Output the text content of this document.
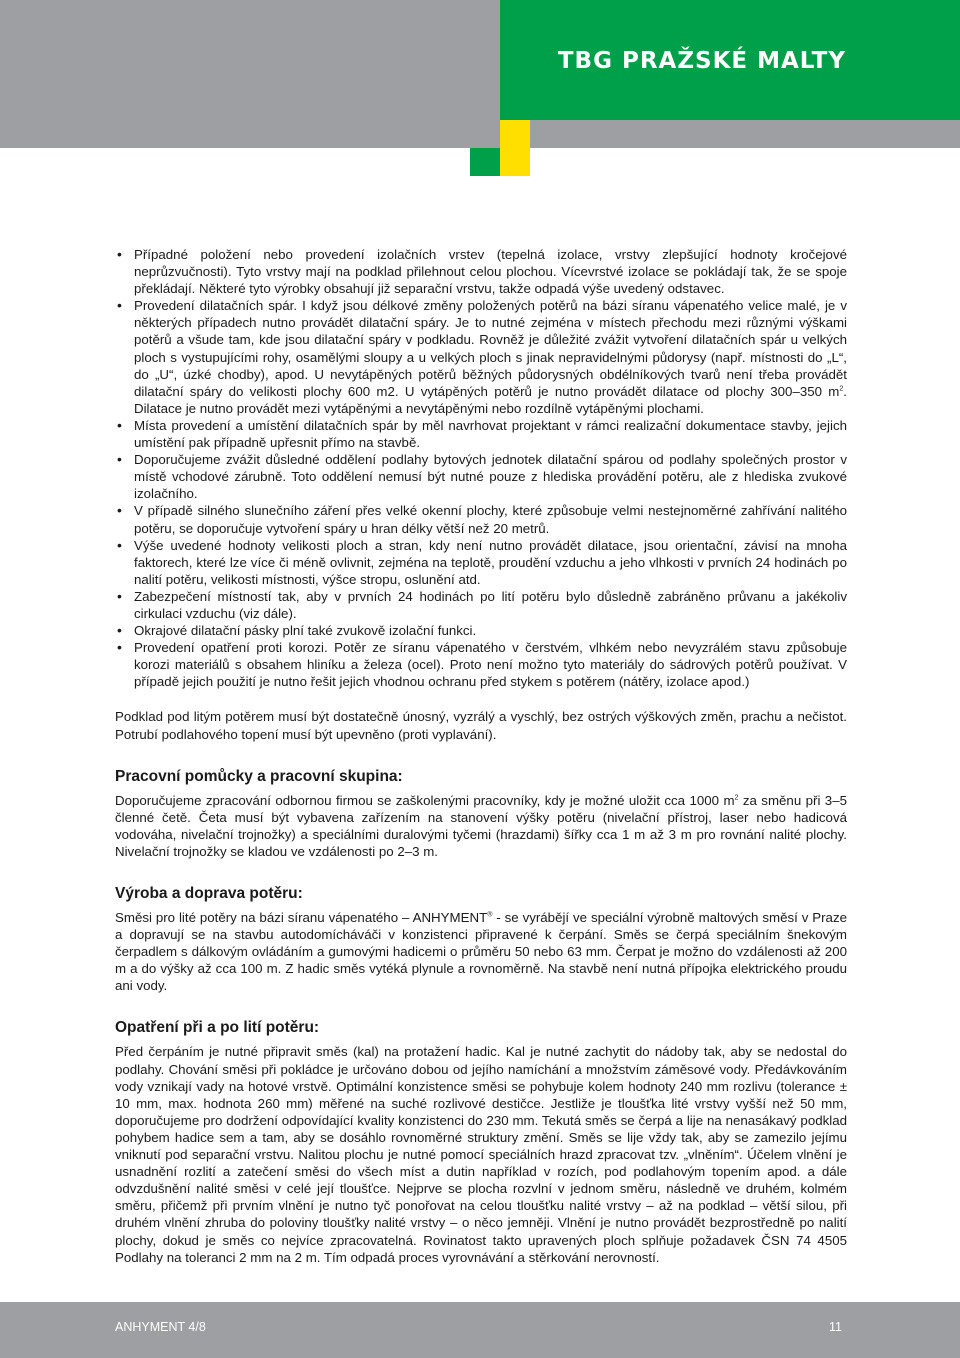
TBG PRAŽSKÉ MALTY
• Případné položení nebo provedení izolačních vrstev (tepelná izolace, vrstvy zlepšující hodnoty kročejové neprůzvučnosti). Tyto vrstvy mají na podklad přilehnout celou plochou. Vícevrstvé izolace se pokládají tak, že se spoje překládají. Některé tyto výrobky obsahují již separační vrstvu, takže odpadá výše uvedený odstavec.
• Provedení dilatačních spár. I když jsou délkové změny položených potěrů na bázi síranu vápenatého velice malé, je v některých případech nutno provádět dilatační spáry. Je to nutné zejména v místech přechodu mezi různými výškami potěrů a všude tam, kde jsou dilatační spáry v podkladu. Rovněž je důležité zvážit vytvoření dilatačních spár u velkých ploch s vystupujícími rohy, osamělými sloupy a u velkých ploch s jinak nepravidelnými půdorysy (např. místnosti do „L“, do „U“, úzké chodby), apod. U nevytápěných potěrů běžných půdorysných obdélníkových tvarů není třeba provádět dilatační spáry do velikosti plochy 600 m2. U vytápěných potěrů je nutno provádět dilatace od plochy 300–350 $m^2$. Dilatace je nutno provádět mezi vytápěnými a nevytápěnými nebo rozdílně vytápěnými plochami.
• Místa provedení a umístění dilatačních spár by měl navrhovat projektant v rámci realizační dokumentace stavby, jejich umístění pak případně upřesnit přímo na stavbě.
• Doporučujeme zvážit důsledné oddělení podlahy bytových jednotek dilatační spárou od podlahy společných prostor v místě vchodové zárubně. Toto oddělení nemusí být nutné pouze z hlediska provádění potěru, ale z hlediska zvukové izolačního.
• V případě silného slunečního záření přes velké okenní plochy, které způsobuje velmi nestejnoměrné zahřívání nalitého potěru, se doporučuje vytvoření spáry u hran délky větší než 20 metrů.
• Výše uvedené hodnoty velikosti ploch a stran, kdy není nutno provádět dilatace, jsou orientační, závisí na mnoha faktorech, které lze více či méně ovlivnit, zejména na teplotě, proudění vzduchu a jeho vlhkosti v prvních 24 hodinách po nalití potěru, velikosti místnosti, výšce stropu, oslunění atd.
• Zabezpečení místností tak, aby v prvních 24 hodinách po lití potěru bylo důsledně zabráněno průvanu a jakékoliv cirkulaci vzduchu (viz dále).
• Okrajové dilatační pásky plní také zvukově izolační funkci.
• Provedení opatření proti korozi. Potěr ze síranu vápenatého v čerstvém, vlhkém nebo nevyzrálém stavu způsobuje korozi materiálů s obsahem hliníku a železa (ocel). Proto není možno tyto materiály do sádrových potěrů používat. V případě jejich použití je nutno řešit jejich vhodnou ochranu před stykem s potěrem (nátěry, izolace apod.)

Podklad pod litým potěrem musí být dostatečně únosný, vyzrálý a vyschlý, bez ostrých výškových změn, prachu a nečistot. Potrubí podlahového topení musí být upevněno (proti vyplavání).

Pracovní pomůcky a pracovní skupina:

Doporučujeme zpracování odbornou firmou se zaškolenými pracovníky, kdy je možné uložit cca 1000 $m^2$ za směnu při 3–5 členné četě. Četa musí být vybavena zařízením na stanovení výšky potěru (nivelační přístroj, laser nebo hadicová vodováha, nivelační trojnožky) a speciálními duralovými tyčemi (hrazdami) šířky cca 1 m až 3 m pro rovnání nalité plochy. Nivelační trojnožky se kladou ve vzdálenosti po 2–3 m.

Výroba a doprava potěru:

Směsi pro lité potěry na bázi síranu vápenatého – ANHYMENT® - se vyrábějí ve speciální výrobně maltových směsí v Praze a dopravují se na stavbu autodomícháváči v konzistenci připravené k čerpání. Směs se čerpá speciálním šnekovým čerpadlem s dálkovým ovládáním a gumovými hadicemi o průměru 50 nebo 63 mm. Čerpat je možno do vzdálenosti až 200 m a do výšky až cca 100 m. Z hadic směs vytéká plynule a rovnoměrně. Na stavbě není nutná přípojka elektrického proudu ani vody.

Opatření při a po lití potěru:

Před čerpáním je nutné připravit směs (kal) na protažení hadic. Kal je nutné zachytit do nádoby tak, aby se nedostal do podlahy. Chování směsi při pokládce je určováno dobou od jejího namíchání a množstvím záměsové vody. Předávkováním vody vznikají vady na hotové vrstvě. Optimální konzistence směsi se pohybuje kolem hodnoty 240 mm rozlivu (tolerance ± 10 mm, max. hodnota 260 mm) měřené na suché rozlivové destičce. Jestliže je tloušťka lité vrstvy vyšší než 50 mm, doporučujeme pro dodržení odpovídající kvality konzistenci do 230 mm. Tekutá směs se čerpá a lije na nenasákavý podklad pohybem hadice sem a tam, aby se dosáhlo rovnoměrné struktury změní. Směs se lije vždy tak, aby se zamezilo jejímu vniknutí pod separační vrstvu. Nalitou plochu je nutné pomocí speciálních hrazd zpracovat tzv. „vlněním“. Účelem vlnění je usnadnění rozlití a zatečení směsi do všech míst a dutin například v rozích, pod podlahovým topením apod. a dále odvzdušnění nalité směsi v celé její tloušťce. Nejprve se plocha rozvlní v jednom směru, následně ve druhém, kolmém směru, přičemž při prvním vlnění je nutno tyč ponořovat na celou tloušťku nalité vrstvy – až na podklad – větší silou, při druhém vlnění zhruba do poloviny tloušťky nalité vrstvy – o něco jemněji. Vlnění je nutno provádět bezprostředně po nalití plochy, dokud je směs co nejvíce zpracovatelná. Rovinatost takto upravených ploch splňuje požadavek ČSN 74 4505 Podlahy na toleranci 2 mm na 2 m. Tím odpadá proces vyrovnávání a stěrkování nerovností.

ANHYMENT 4/8	11
